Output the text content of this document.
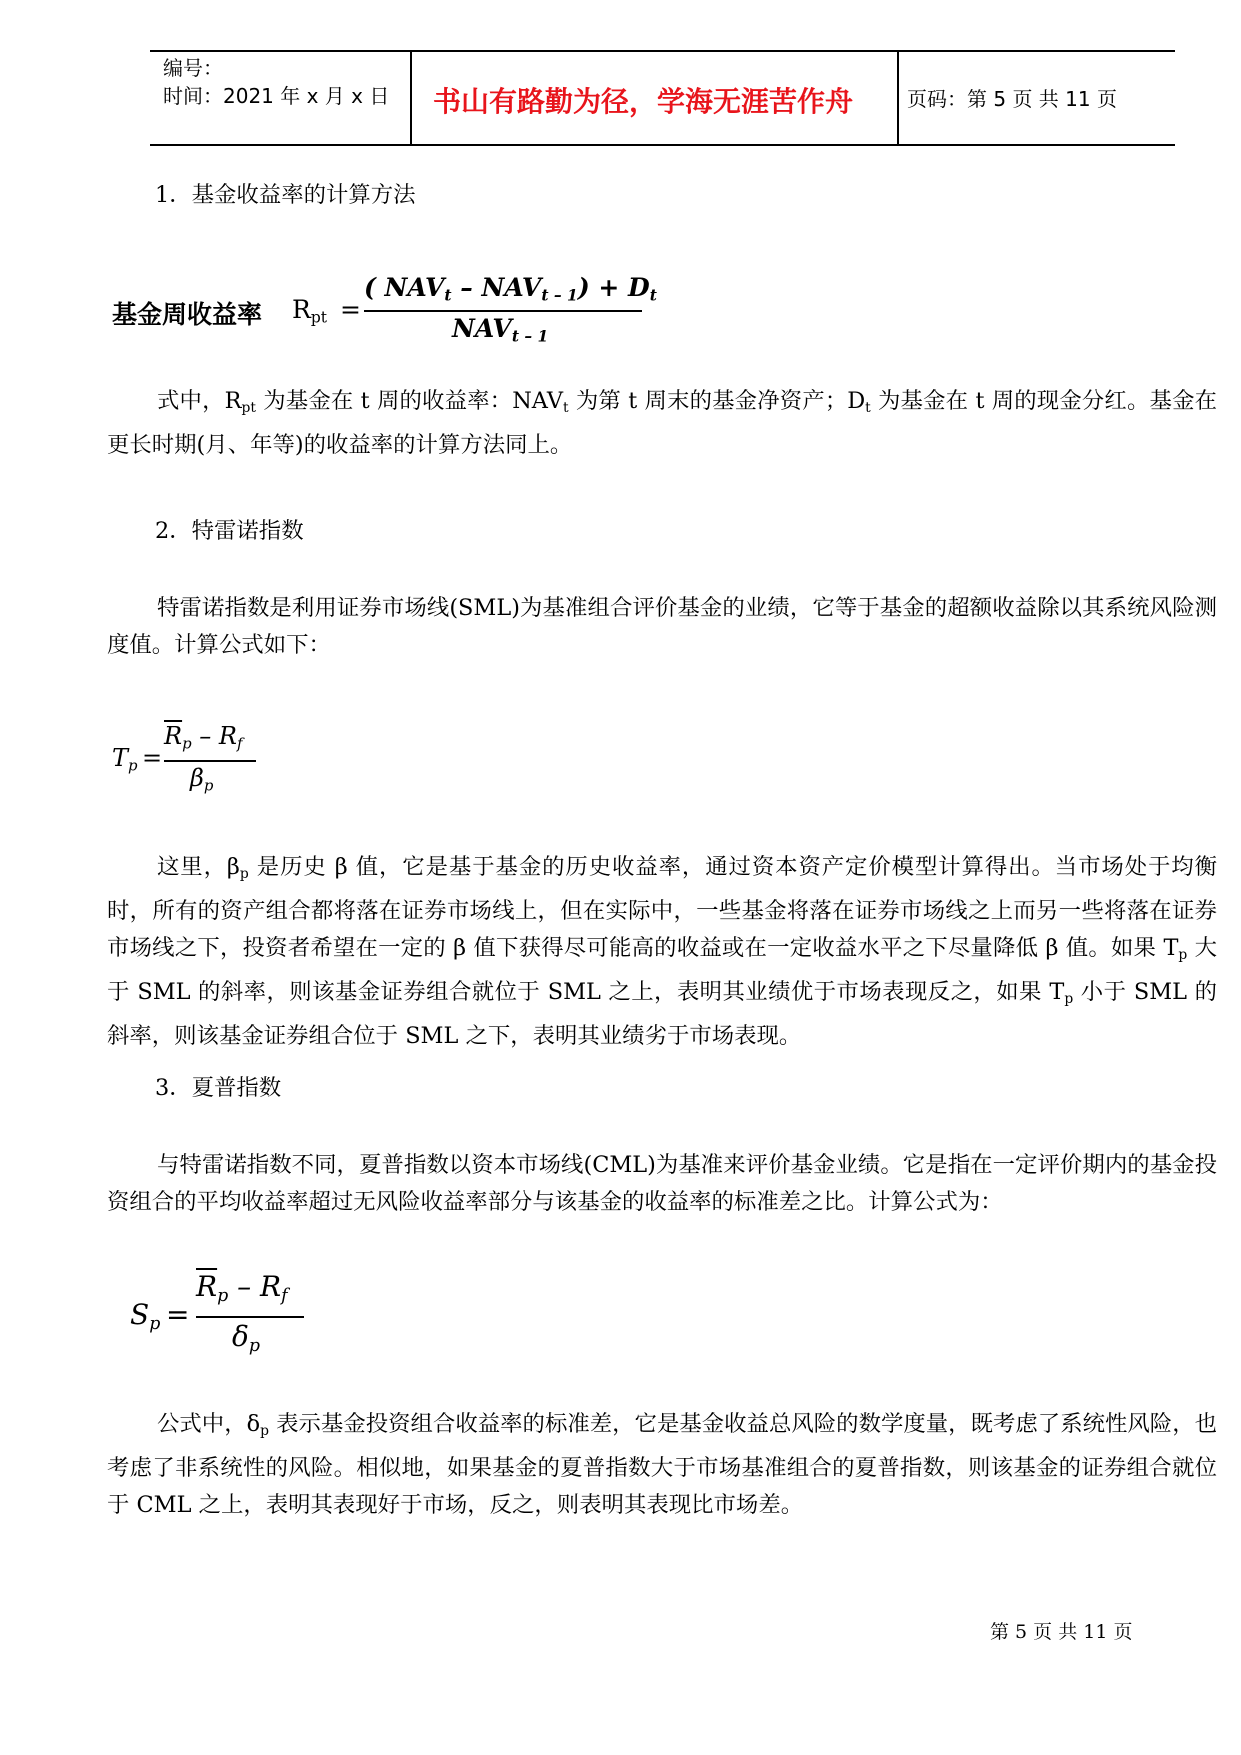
编号：
时间：2021 年 x 月 x 日 书山有路勤为径，学海无涯苦作舟	页码：第 5 页 共 11 页
1．基金收益率的计算方法
基金周收益率 $R_{pt}$ =
( $NAV_t - NAV_{t - 1}) + D_t$
$NAV_{t - 1}$

式中，$R_{pt}$ 为基金在 t 周的收益率：$NAV_t$ 为第 t 周末的基金净资产；$D_t$ 为基金在 t 周的现金分红。基金在更长时期(月、年等)的收益率的计算方法同上。

2．特雷诺指数

特雷诺指数是利用证券市场线(SML)为基准组合评价基金的业绩，它等于基金的超额收益除以其系统风险测度值。计算公式如下：

$T_p$ =
$\overline{R}_p - R_f$
$\beta_p$

这里，$\beta_p$ 是历史 β 值，它是基于基金的历史收益率，通过资本资产定价模型计算得出。当市场处于均衡时，所有的资产组合都将落在证券市场线上，但在实际中，一些基金将落在证券市场线之上而另一些将落在证券市场线之下，投资者希望在一定的 β 值下获得尽可能高的收益或在一定收益水平之下尽量降低 β 值。如果 $T_p$ 大于 SML 的斜率，则该基金证券组合就位于 SML 之上，表明其业绩优于市场表现反之，如果 $T_p$ 小于 SML 的斜率，则该基金证券组合位于 SML 之下，表明其业绩劣于市场表现。

3．夏普指数

与特雷诺指数不同，夏普指数以资本市场线(CML)为基准来评价基金业绩。它是指在一定评价期内的基金投资组合的平均收益率超过无风险收益率部分与该基金的收益率的标准差之比。计算公式为：

$S_p$ =
$\overline{R}_p - R_f$
$\delta_p$

公式中，$\delta_p$ 表示基金投资组合收益率的标准差，它是基金收益总风险的数学度量，既考虑了系统性风险，也考虑了非系统性的风险。相似地，如果基金的夏普指数大于市场基准组合的夏普指数，则该基金的证券组合就位于 CML 之上，表明其表现好于市场，反之，则表明其表现比市场差。

第 5 页 共 11 页
